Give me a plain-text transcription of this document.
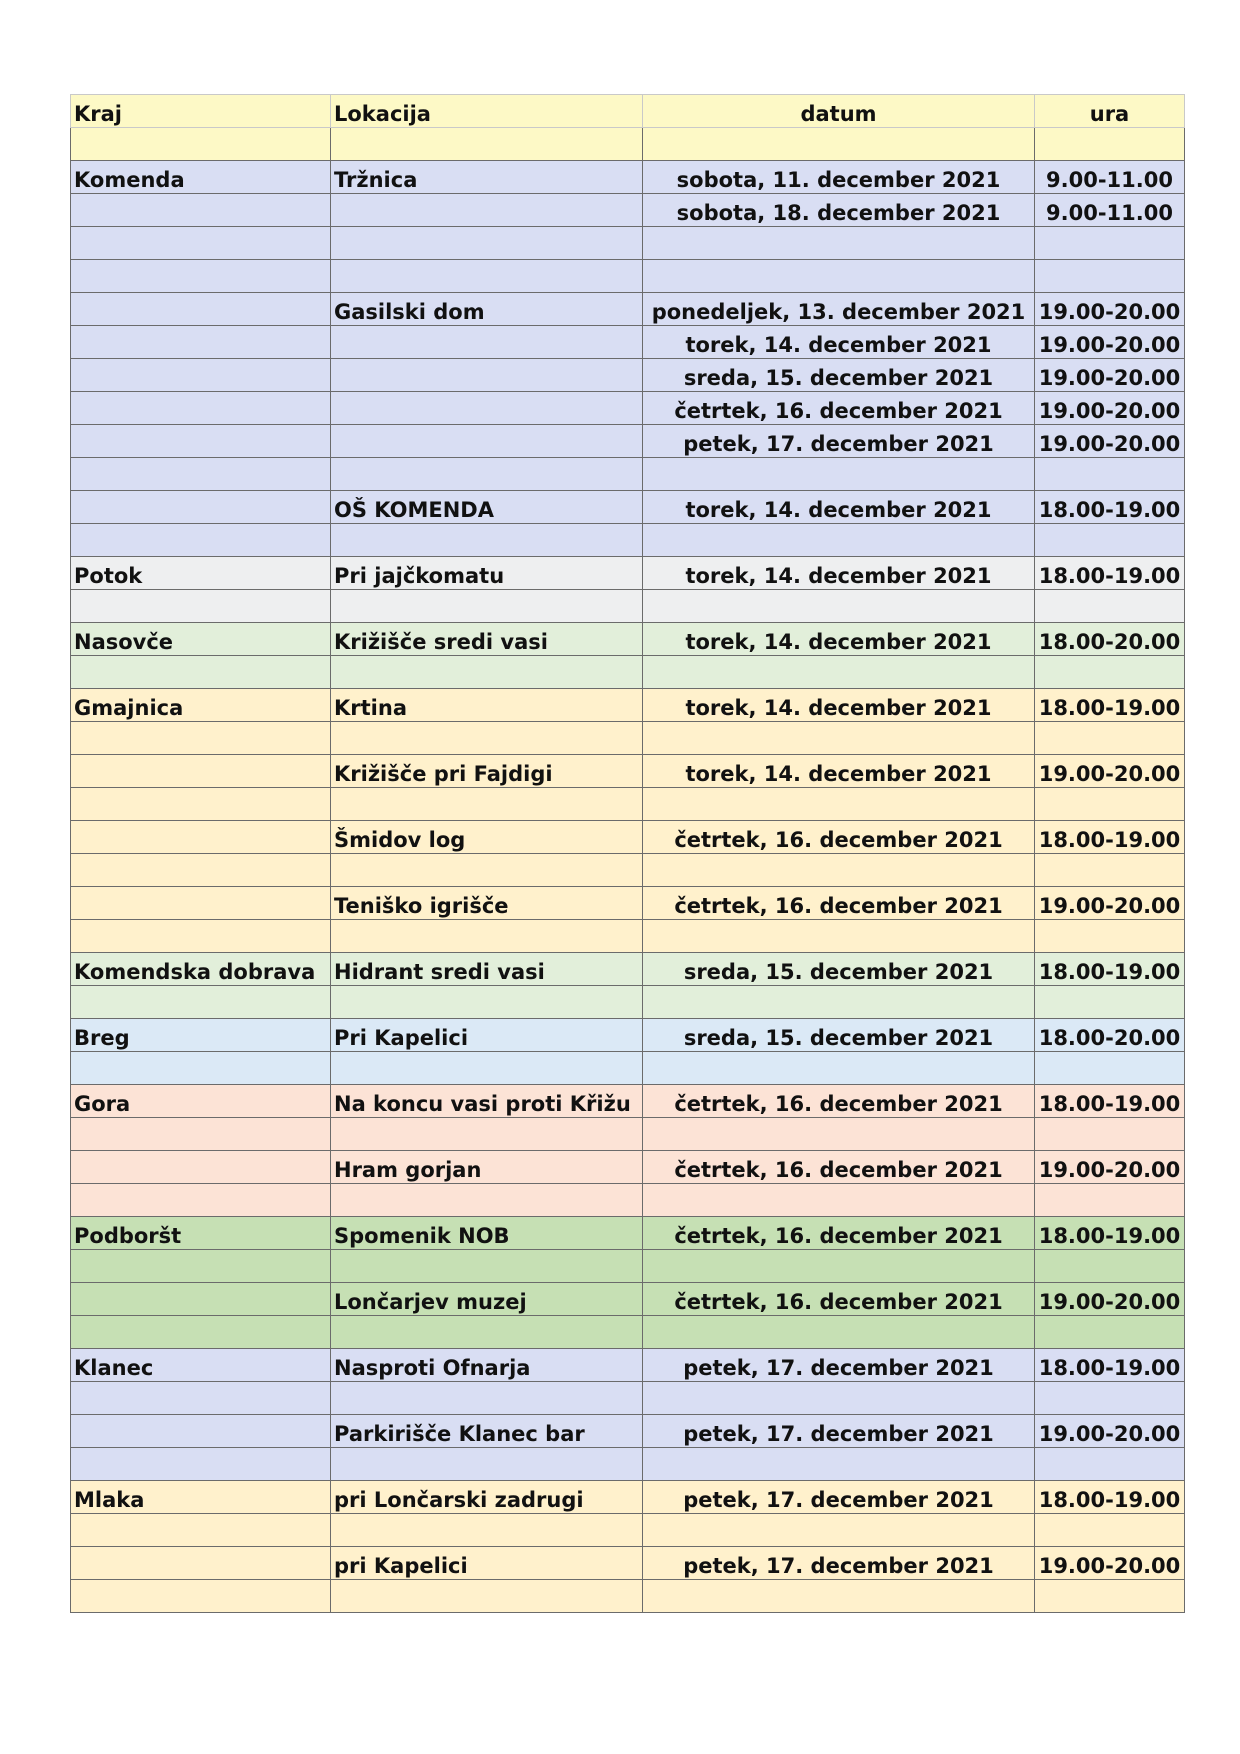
Kraj	Lokacija	datum	ura

Komenda	Tržnica	sobota, 11. december 2021	9.00-11.00
		sobota, 18. december 2021	9.00-11.00

	Gasilski dom	ponedeljek, 13. december 2021	19.00-20.00
		torek, 14. december 2021	19.00-20.00
		sreda, 15. december 2021	19.00-20.00
		četrtek, 16. december 2021	19.00-20.00
		petek, 17. december 2021	19.00-20.00

	OŠ KOMENDA	torek, 14. december 2021	18.00-19.00

Potok	Pri jajčkomatu	torek, 14. december 2021	18.00-19.00

Nasovče	Križišče sredi vasi	torek, 14. december 2021	18.00-20.00

Gmajnica	Krtina	torek, 14. december 2021	18.00-19.00

	Križišče pri Fajdigi	torek, 14. december 2021	19.00-20.00

	Šmidov log	četrtek, 16. december 2021	18.00-19.00

	Teniško igrišče	četrtek, 16. december 2021	19.00-20.00

Komendska dobrava	Hidrant sredi vasi	sreda, 15. december 2021	18.00-19.00

Breg	Pri Kapelici	sreda, 15. december 2021	18.00-20.00

Gora	Na koncu vasi proti Křižu	četrtek, 16. december 2021	18.00-19.00

	Hram gorjan	četrtek, 16. december 2021	19.00-20.00

Podboršt	Spomenik NOB	četrtek, 16. december 2021	18.00-19.00

	Lončarjev muzej	četrtek, 16. december 2021	19.00-20.00

Klanec	Nasproti Ofnarja	petek, 17. december 2021	18.00-19.00

	Parkirišče Klanec bar	petek, 17. december 2021	19.00-20.00

Mlaka	pri Lončarski zadrugi	petek, 17. december 2021	18.00-19.00

	pri Kapelici	petek, 17. december 2021	19.00-20.00
